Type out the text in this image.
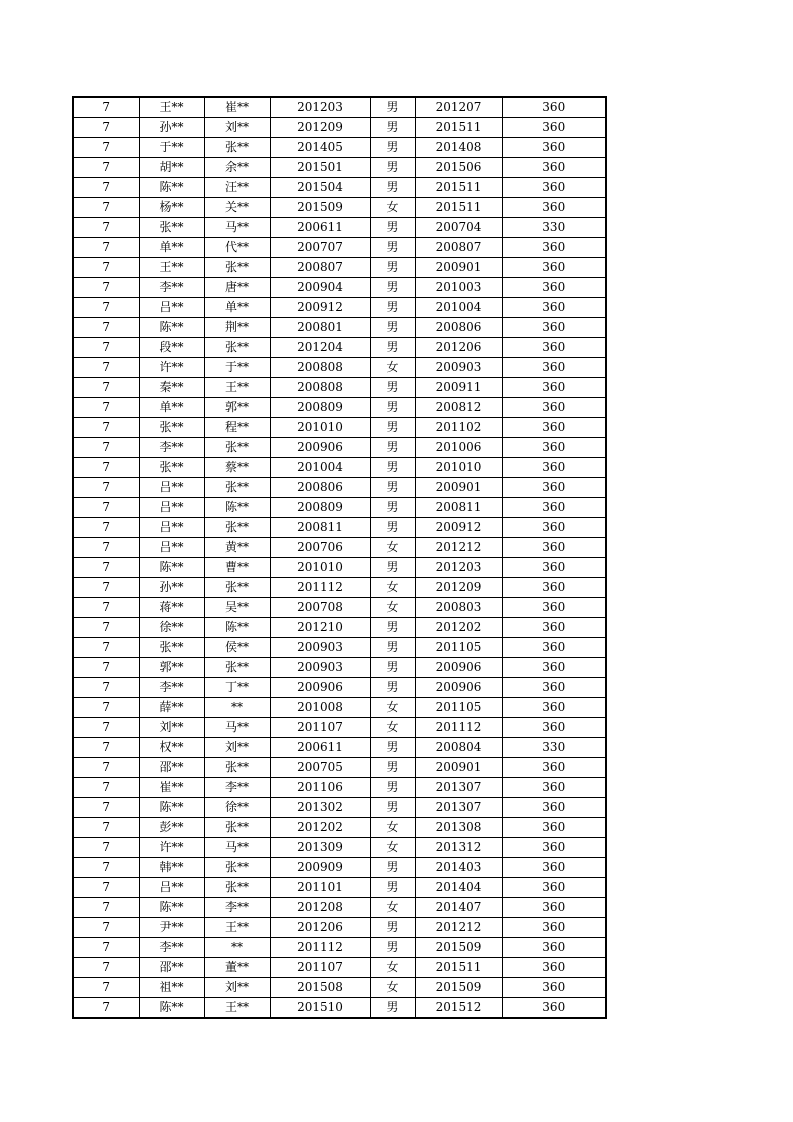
7	王**	崔**	201203	男	201207	360
7	孙**	刘**	201209	男	201511	360
7	于**	张**	201405	男	201408	360
7	胡**	余**	201501	男	201506	360
7	陈**	汪**	201504	男	201511	360
7	杨**	关**	201509	女	201511	360
7	张**	马**	200611	男	200704	330
7	单**	代**	200707	男	200807	360
7	王**	张**	200807	男	200901	360
7	李**	唐**	200904	男	201003	360
7	吕**	单**	200912	男	201004	360
7	陈**	荆**	200801	男	200806	360
7	段**	张**	201204	男	201206	360
7	许**	于**	200808	女	200903	360
7	秦**	王**	200808	男	200911	360
7	单**	郭**	200809	男	200812	360
7	张**	程**	201010	男	201102	360
7	李**	张**	200906	男	201006	360
7	张**	蔡**	201004	男	201010	360
7	吕**	张**	200806	男	200901	360
7	吕**	陈**	200809	男	200811	360
7	吕**	张**	200811	男	200912	360
7	吕**	黄**	200706	女	201212	360
7	陈**	曹**	201010	男	201203	360
7	孙**	张**	201112	女	201209	360
7	蒋**	吴**	200708	女	200803	360
7	徐**	陈**	201210	男	201202	360
7	张**	侯**	200903	男	201105	360
7	郭**	张**	200903	男	200906	360
7	李**	丁**	200906	男	200906	360
7	薛**	**	201008	女	201105	360
7	刘**	马**	201107	女	201112	360
7	权**	刘**	200611	男	200804	330
7	邵**	张**	200705	男	200901	360
7	崔**	李**	201106	男	201307	360
7	陈**	徐**	201302	男	201307	360
7	彭**	张**	201202	女	201308	360
7	许**	马**	201309	女	201312	360
7	韩**	张**	200909	男	201403	360
7	吕**	张**	201101	男	201404	360
7	陈**	李**	201208	女	201407	360
7	尹**	王**	201206	男	201212	360
7	李**	**	201112	男	201509	360
7	邵**	董**	201107	女	201511	360
7	祖**	刘**	201508	女	201509	360
7	陈**	王**	201510	男	201512	360
